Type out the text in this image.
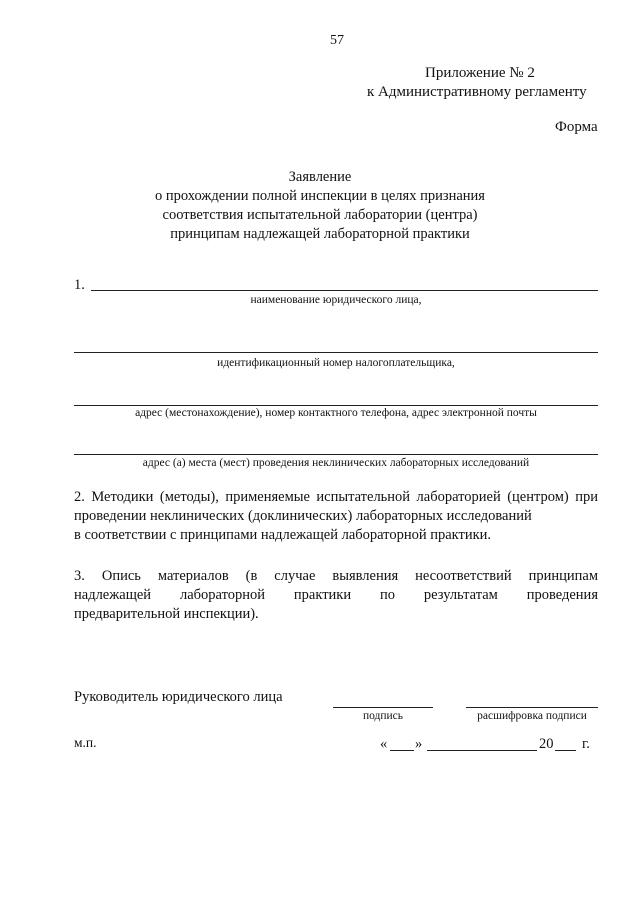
57
Приложение № 2
к Административному регламенту
Форма
Заявление
о прохождении полной инспекции в целях признания
соответствия испытательной лаборатории (центра)
принципам надлежащей лабораторной практики
1.
наименование юридического лица,
идентификационный номер налогоплательщика,
адрес (местонахождение), номер контактного телефона, адрес электронной почты
адрес (а) места (мест) проведения неклинических лабораторных исследований
2. Методики (методы), применяемые испытательной лабораторией (центром) при
проведении неклинических (доклинических) лабораторных исследований
в соответствии с принципами надлежащей лабораторной практики.
3. Опись материалов (в случае выявления несоответствий принципам
надлежащей лабораторной практики по результатам проведения
предварительной инспекции).
Руководитель юридического лица
подпись	расшифровка подписи
м.п.	« »	20 г.
